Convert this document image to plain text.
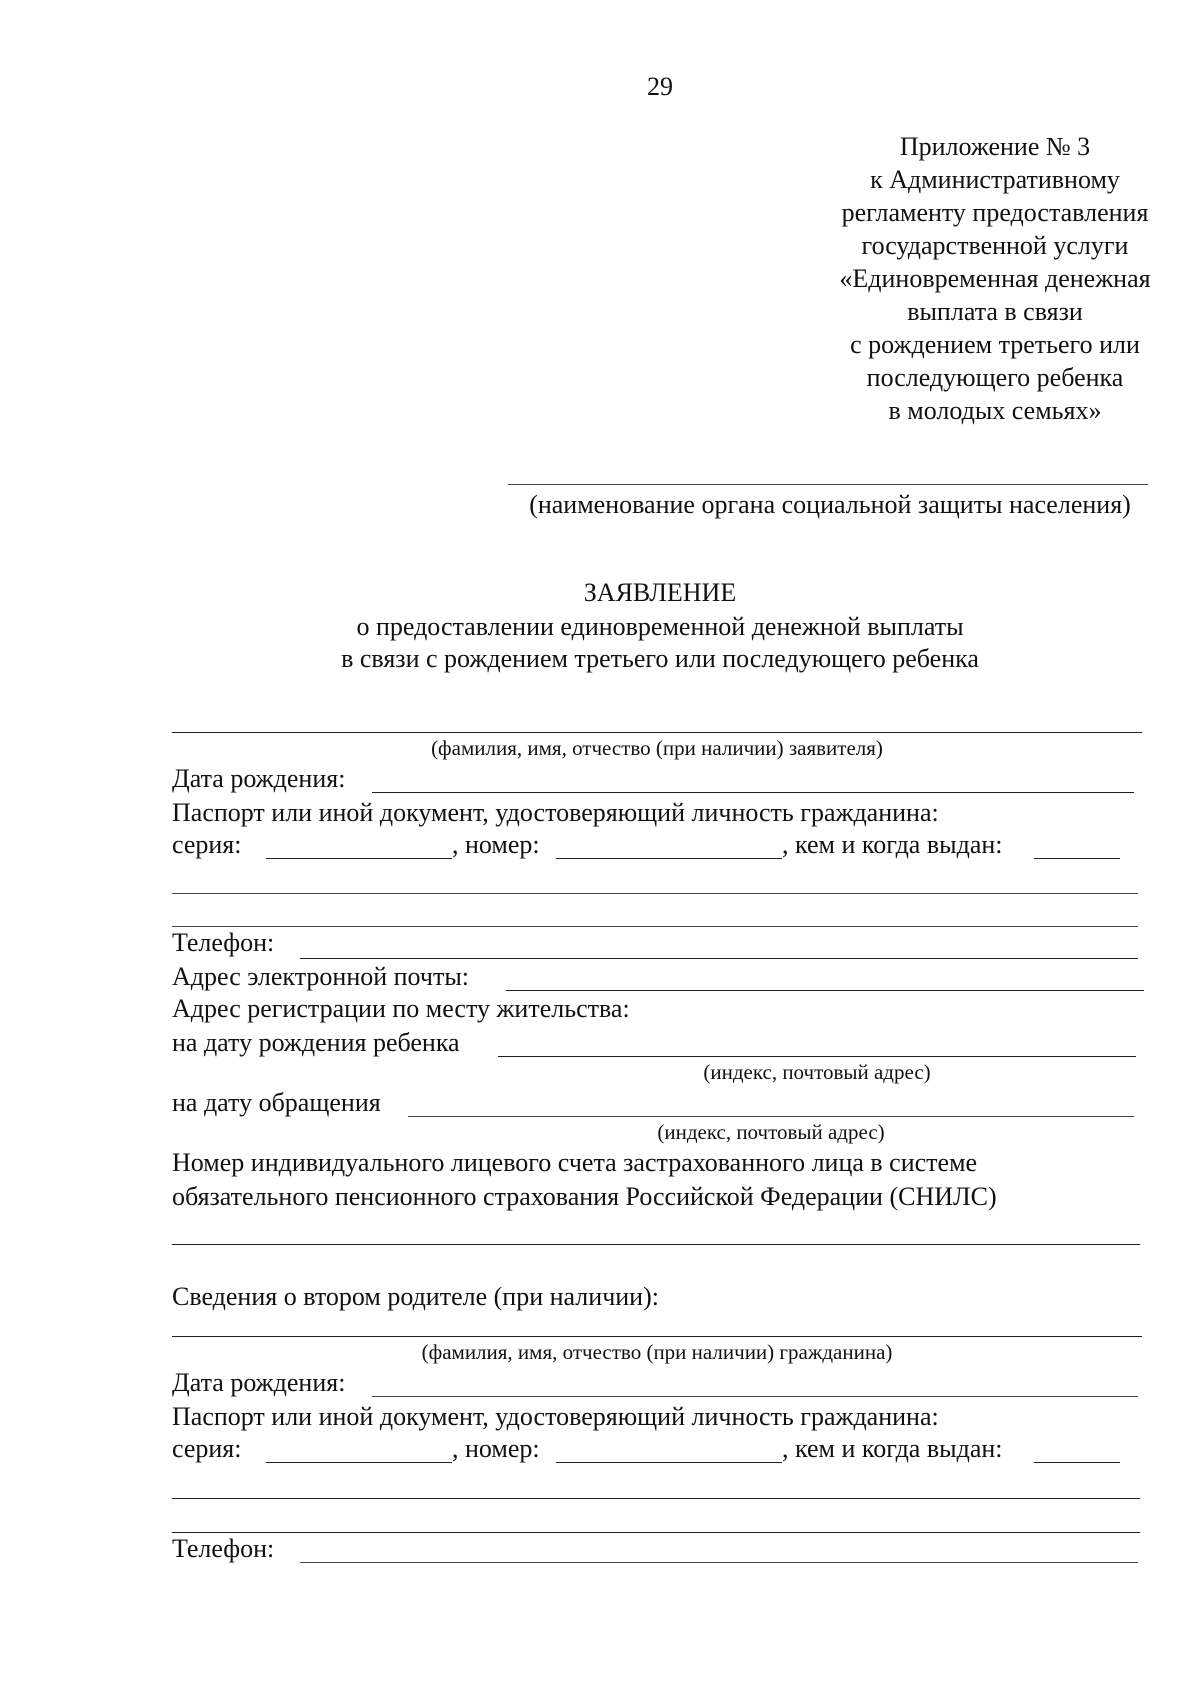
29
Приложение № 3
к Административному
регламенту предоставления
государственной услуги
«Единовременная денежная
выплата в связи
с рождением третьего или
последующего ребенка
в молодых семьях»
(наименование органа социальной защиты населения)
ЗАЯВЛЕНИЕ
о предоставлении единовременной денежной выплаты
в связи с рождением третьего или последующего ребенка
(фамилия, имя, отчество (при наличии) заявителя)
Дата рождения:
Паспорт или иной документ, удостоверяющий личность гражданина:
серия:	, номер:	, кем и когда выдан:
Телефон:
Адрес электронной почты:
Адрес регистрации по месту жительства:
на дату рождения ребенка
(индекс, почтовый адрес)
на дату обращения
(индекс, почтовый адрес)
Номер индивидуального лицевого счета застрахованного лица в системе
обязательного пенсионного страхования Российской Федерации (СНИЛС)
Сведения о втором родителе (при наличии):
(фамилия, имя, отчество (при наличии) гражданина)
Дата рождения:
Паспорт или иной документ, удостоверяющий личность гражданина:
серия:	, номер:	, кем и когда выдан:
Телефон:
